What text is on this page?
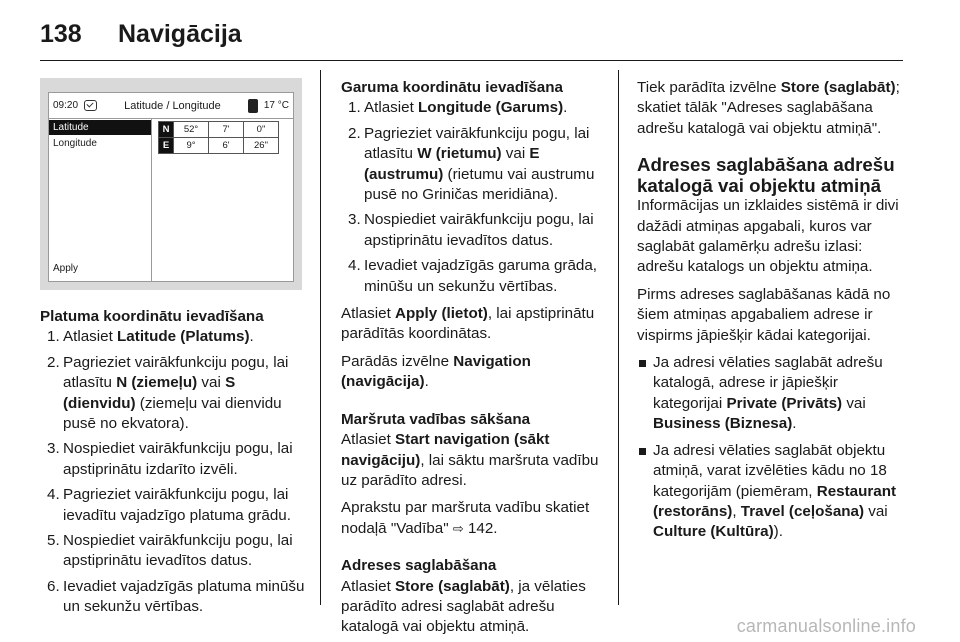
138	Navigācija
09:20	Latitude / Longitude	17 °C
Latitude
Longitude
Apply
N	52°	7'	0"
E	9°	6'	26"
Platuma koordinātu ievadīšana
1. Atlasiet Latitude (Platums).
2. Pagrieziet vairākfunkciju pogu, lai atlasītu N (ziemeļu) vai S (dienvidu) (ziemeļu vai dienvidu pusē no ekvatora).
3. Nospiediet vairākfunkciju pogu, lai apstiprinātu izdarīto izvēli.
4. Pagrieziet vairākfunkciju pogu, lai ievadītu vajadzīgo platuma grādu.
5. Nospiediet vairākfunkciju pogu, lai apstiprinātu ievadītos datus.
6. Ievadiet vajadzīgās platuma minūšu un sekunžu vērtības.
Garuma koordinātu ievadīšana
1. Atlasiet Longitude (Garums).
2. Pagrieziet vairākfunkciju pogu, lai atlasītu W (rietumu) vai E (austrumu) (rietumu vai austrumu pusē no Griničas meridiāna).
3. Nospiediet vairākfunkciju pogu, lai apstiprinātu ievadītos datus.
4. Ievadiet vajadzīgās garuma grāda, minūšu un sekunžu vērtības.
Atlasiet Apply (lietot), lai apstiprinātu parādītās koordinātas.
Parādās izvēlne Navigation (navigācija).
Maršruta vadības sākšana
Atlasiet Start navigation (sākt navigāciju), lai sāktu maršruta vadību uz parādīto adresi.
Aprakstu par maršruta vadību skatiet nodaļā "Vadība" ⇨ 142.
Adreses saglabāšana
Atlasiet Store (saglabāt), ja vēlaties parādīto adresi saglabāt adrešu katalogā vai objektu atmiņā.
Tiek parādīta izvēlne Store (saglabāt); skatiet tālāk "Adreses saglabāšana adrešu katalogā vai objektu atmiņā".
Adreses saglabāšana adrešu katalogā vai objektu atmiņā
Informācijas un izklaides sistēmā ir divi dažādi atmiņas apgabali, kuros var saglabāt galamērķu adrešu izlasi: adrešu katalogs un objektu atmiņa.
Pirms adreses saglabāšanas kādā no šiem atmiņas apgabaliem adrese ir vispirms jāpiešķir kādai kategorijai.
Ja adresi vēlaties saglabāt adrešu katalogā, adrese ir jāpiešķir kategorijai Private (Privāts) vai Business (Biznesa).
Ja adresi vēlaties saglabāt objektu atmiņā, varat izvēlēties kādu no 18 kategorijām (piemēram, Restaurant (restorāns), Travel (ceļošana) vai Culture (Kultūra)).
carmanualsonline.info
